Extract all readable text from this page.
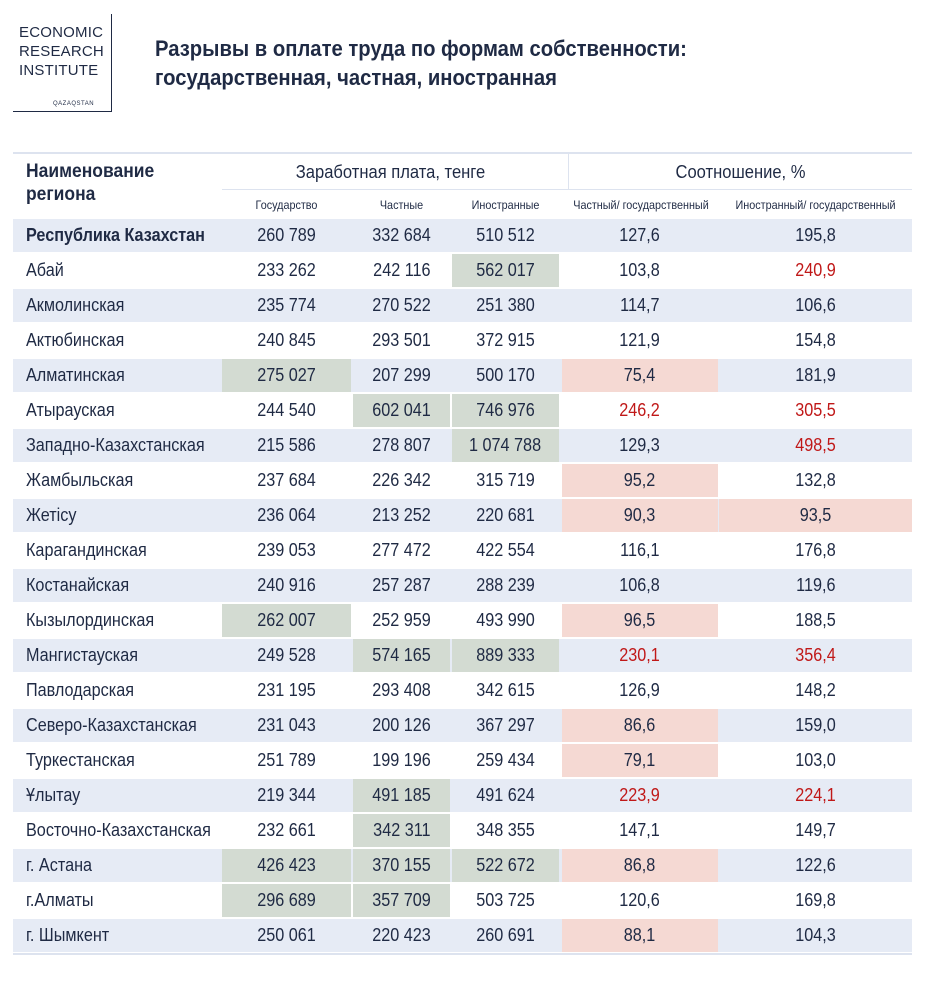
ECONOMIC
RESEARCH
INSTITUTE
QAZAQSTAN
Разрывы в оплате труда по формам собственности:
государственная, частная, иностранная
Наименование региона
Заработная плата, тенге	Соотношение, %
Государство	Частные	Иностранные	Частный/ государственный	Иностранный/ государственный
Республика Казахстан	260 789	332 684	510 512	127,6	195,8
Абай	233 262	242 116	562 017	103,8	240,9
Акмолинская	235 774	270 522	251 380	114,7	106,6
Актюбинская	240 845	293 501	372 915	121,9	154,8
Алматинская	275 027	207 299	500 170	75,4	181,9
Атырауская	244 540	602 041	746 976	246,2	305,5
Западно-Казахстанская	215 586	278 807	1 074 788	129,3	498,5
Жамбыльская	237 684	226 342	315 719	95,2	132,8
Жетісу	236 064	213 252	220 681	90,3	93,5
Карагандинская	239 053	277 472	422 554	116,1	176,8
Костанайская	240 916	257 287	288 239	106,8	119,6
Кызылординская	262 007	252 959	493 990	96,5	188,5
Мангистауская	249 528	574 165	889 333	230,1	356,4
Павлодарская	231 195	293 408	342 615	126,9	148,2
Северо-Казахстанская	231 043	200 126	367 297	86,6	159,0
Туркестанская	251 789	199 196	259 434	79,1	103,0
Ұлытау	219 344	491 185	491 624	223,9	224,1
Восточно-Казахстанская	232 661	342 311	348 355	147,1	149,7
г. Астана	426 423	370 155	522 672	86,8	122,6
г.Алматы	296 689	357 709	503 725	120,6	169,8
г. Шымкент	250 061	220 423	260 691	88,1	104,3
